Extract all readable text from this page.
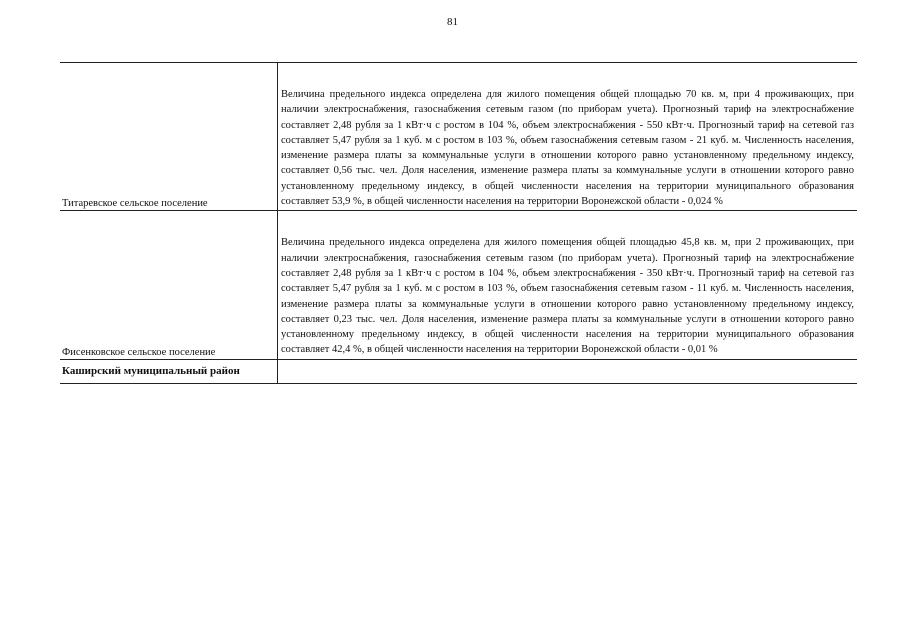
81
Титаревское сельское поселение	Величина предельного индекса определена для жилого помещения общей площадью 70 кв. м, при 4 проживающих, при наличии электроснабжения, газоснабжения сетевым газом (по приборам учета). Прогнозный тариф на электроснабжение составляет 2,48 рубля за 1 кВт·ч с ростом в 104 %, объем электроснабжения - 550 кВт·ч. Прогнозный тариф на сетевой газ составляет 5,47 рубля за 1 куб. м с ростом в 103 %, объем газоснабжения сетевым газом - 21 куб. м. Численность населения, изменение размера платы за коммунальные услуги в отношении которого равно установленному предельному индексу, составляет 0,56 тыс. чел. Доля населения, изменение размера платы за коммунальные услуги в отношении которого равно установленному предельному индексу, в общей численности населения на территории муниципального образования составляет 53,9 %, в общей численности населения на территории Воронежской области - 0,024 %

Фисенковское сельское поселение	Величина предельного индекса определена для жилого помещения общей площадью 45,8 кв. м, при 2 проживающих, при наличии электроснабжения, газоснабжения сетевым газом (по приборам учета). Прогнозный тариф на электроснабжение составляет 2,48 рубля за 1 кВт·ч с ростом в 104 %, объем электроснабжения - 350 кВт·ч. Прогнозный тариф на сетевой газ составляет 5,47 рубля за 1 куб. м с ростом в 103 %, объем газоснабжения сетевым газом - 11 куб. м. Численность населения, изменение размера платы за коммунальные услуги в отношении которого равно установленному предельному индексу, составляет 0,23 тыс. чел. Доля населения, изменение размера платы за коммунальные услуги в отношении которого равно установленному предельному индексу, в общей численности населения на территории муниципального образования составляет 42,4 %, в общей численности населения на территории Воронежской области - 0,01 %

Каширский муниципальный район	
